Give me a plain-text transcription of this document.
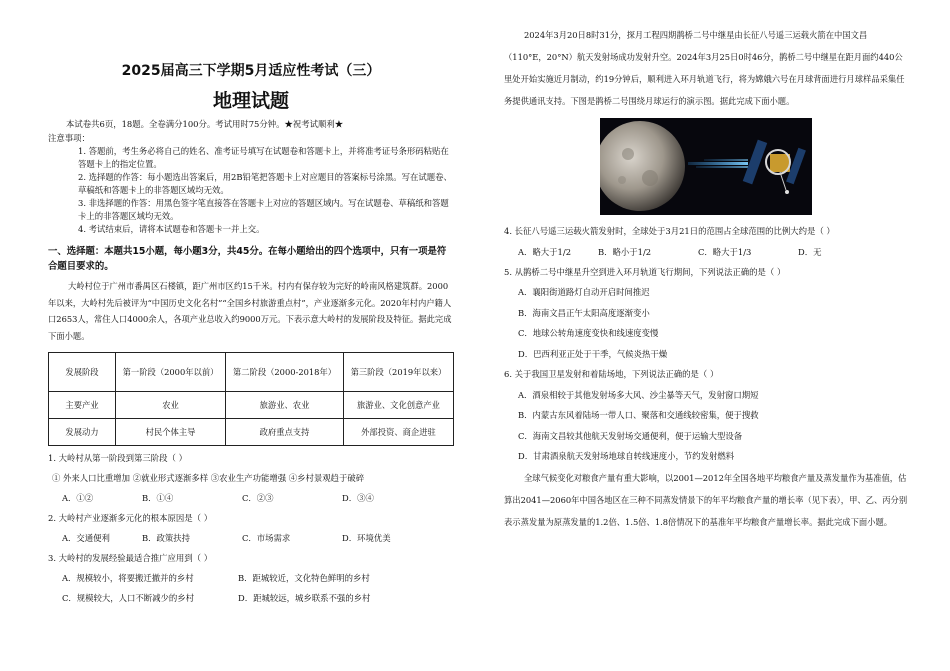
2025届高三下学期5月适应性考试（三）
地理试题
本试卷共6页，18题。全卷满分100分。考试用时75分钟。★祝考试顺利★
注意事项：
1. 答题前，考生务必将自己的姓名、准考证号填写在试题卷和答题卡上，并将准考证号条形码粘贴在答题卡上的指定位置。
2. 选择题的作答：每小题选出答案后，用2B铅笔把答题卡上对应题目的答案标号涂黑。写在试题卷、草稿纸和答题卡上的非答题区域均无效。
3. 非选择题的作答：用黑色签字笔直接答在答题卡上对应的答题区域内。写在试题卷、草稿纸和答题卡上的非答题区域均无效。
4. 考试结束后，请将本试题卷和答题卡一并上交。
一、选择题：本题共15小题，每小题3分，共45分。在每小题给出的四个选项中，只有一项是符合题目要求的。

大岭村位于广州市番禺区石楼镇，距广州市区约15千米。村内有保存较为完好的岭南风格建筑群。2000年以来，大岭村先后被评为“中国历史文化名村”“全国乡村旅游重点村”，产业逐渐多元化。2020年村内户籍人口2653人，常住人口4000余人，各项产业总收入约9000万元。下表示意大岭村的发展阶段及特征。据此完成下面小题。

发展阶段	第一阶段（2000年以前）	第二阶段（2000-2018年）	第三阶段（2019年以来）
主要产业	农业	旅游业、农业	旅游业、文化创意产业
发展动力	村民个体主导	政府重点支持	外部投资、商企进驻
1. 大岭村从第一阶段到第三阶段（ ）
① 外来人口比重增加 ②就业形式逐渐多样 ③农业生产功能增强 ④乡村景观趋于破碎
A．①②	B．①④	C．②③	D．③④
2. 大岭村产业逐渐多元化的根本原因是（ ）
A．交通便利	B．政策扶持	C．市场需求	D．环境优美
3. 大岭村的发展经验最适合推广应用到（ ）
A．规模较小，将要搬迁撤并的乡村	B．距城较近，文化特色鲜明的乡村
C．规模较大，人口不断减少的乡村	D．距城较远，城乡联系不强的乡村

2024年3月20日8时31分，探月工程四期鹊桥二号中继星由长征八号遥三运载火箭在中国文昌（110°E，20°N）航天发射场成功发射升空。2024年3月25日0时46分，鹊桥二号中继星在距月面约440公里处开始实施近月制动，约19分钟后，顺利进入环月轨道飞行，将为嫦娥六号在月球背面进行月球样品采集任务提供通讯支持。下图是鹊桥二号围绕月球运行的演示图。据此完成下面小题。

4. 长征八号遥三运载火箭发射时，全球处于3月21日的范围占全球范围的比例大约是（ ）
A．略大于1/2	B．略小于1/2	C．略大于1/3	D．无
5. 从鹊桥二号中继星升空到进入环月轨道飞行期间，下列说法正确的是（ ）
A．襄阳街道路灯自动开启时间推迟
B．海南文昌正午太阳高度逐渐变小
C．地球公转角速度变快和线速度变慢
D．巴西利亚正处于干季，气候炎热干燥
6. 关于我国卫星发射和着陆场地，下列说法正确的是（ ）
A．酒泉相较于其他发射场多大风、沙尘暴等天气，发射窗口期短
B．内蒙古东风着陆场一带人口、聚落和交通线较密集，便于搜救
C．海南文昌较其他航天发射场交通便利，便于运输大型设备
D．甘肃酒泉航天发射场地球自转线速度小，节约发射燃料

全球气候变化对粮食产量有重大影响，以2001—2012年全国各地平均粮食产量及蒸发量作为基准值，估算出2041—2060年中国各地区在三种不同蒸发情景下的年平均粮食产量的增长率（见下表），甲、乙、丙分别表示蒸发量为原蒸发量的1.2倍、1.5倍、1.8倍情况下的基准年平均粮食产量增长率。据此完成下面小题。
